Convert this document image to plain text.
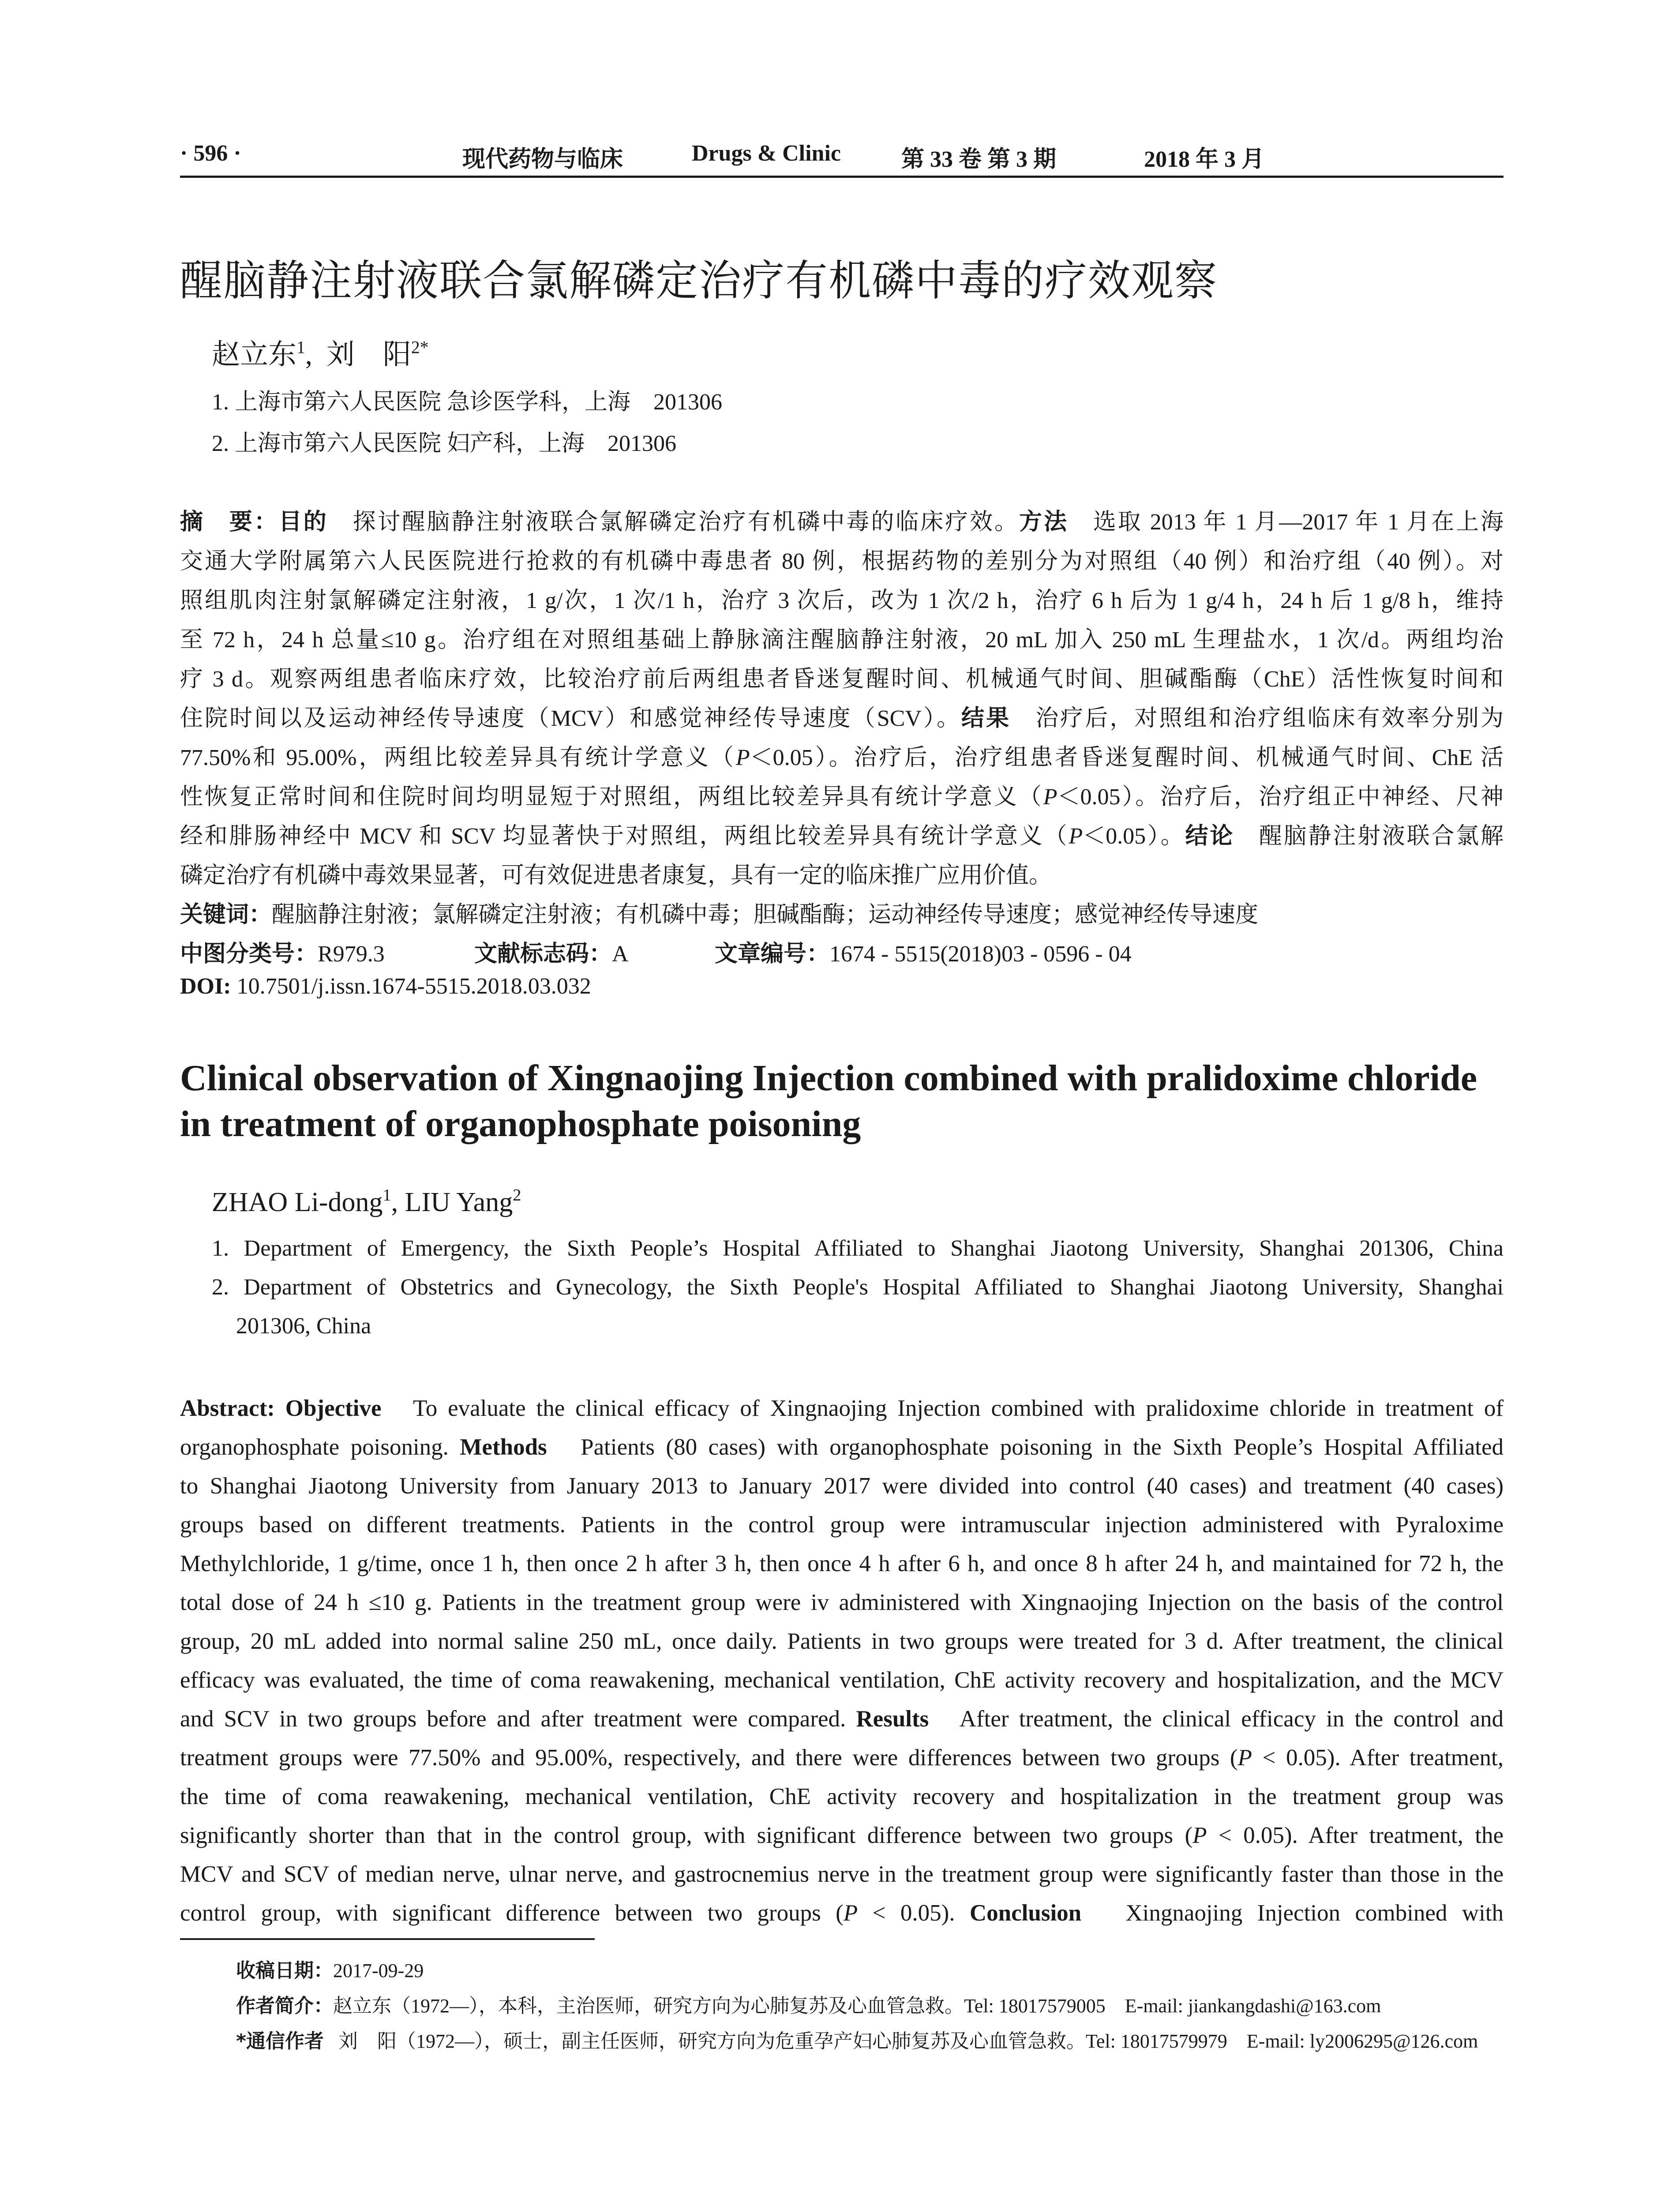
· 596 ·	现代药物与临床	Drugs & Clinic	第 33 卷 第 3 期	2018 年 3 月
醒脑静注射液联合氯解磷定治疗有机磷中毒的疗效观察
赵立东$^1$,  刘　阳$^{2*}$
1. 上海市第六人民医院 急诊医学科，上海　201306
2. 上海市第六人民医院 妇产科，上海　201306
摘　要：目的　 探讨醒脑静注射液联合氯解磷定治疗有机磷中毒的临床疗效。方法　 选取 2013 年 1 月—2017 年 1 月在上海
交通大学附属第六人民医院进行抢救的有机磷中毒患者 80 例，根据药物的差别分为对照组（40 例）和治疗组（40 例）。对
照组肌肉注射氯解磷定注射液，1 g/次，1 次/1 h，治疗 3 次后，改为 1 次/2 h，治疗 6 h 后为 1 g/4 h，24 h 后 1 g/8 h，维持
至 72 h，24 h 总量≤10 g。治疗组在对照组基础上静脉滴注醒脑静注射液，20 mL 加入 250 mL 生理盐水，1 次/d。两组均治
疗 3 d。观察两组患者临床疗效，比较治疗前后两组患者昏迷复醒时间、机械通气时间、胆碱酯酶（ChE）活性恢复时间和
住院时间以及运动神经传导速度（MCV）和感觉神经传导速度（SCV）。结果　 治疗后，对照组和治疗组临床有效率分别为
77.50%和 95.00%，两组比较差异具有统计学意义（P＜0.05）。治疗后，治疗组患者昏迷复醒时间、机械通气时间、ChE 活
性恢复正常时间和住院时间均明显短于对照组，两组比较差异具有统计学意义（P＜0.05）。治疗后，治疗组正中神经、尺神
经和腓肠神经中 MCV 和 SCV 均显著快于对照组，两组比较差异具有统计学意义（P＜0.05）。结论　 醒脑静注射液联合氯解
磷定治疗有机磷中毒效果显著，可有效促进患者康复，具有一定的临床推广应用价值。
关键词：醒脑静注射液；氯解磷定注射液；有机磷中毒；胆碱酯酶；运动神经传导速度；感觉神经传导速度
中图分类号：R979.3	文献标志码：A	文章编号：1674 - 5515(2018)03 - 0596 - 04
DOI: 10.7501/j.issn.1674-5515.2018.03.032
Clinical observation of Xingnaojing Injection combined with pralidoxime chloride
in treatment of organophosphate poisoning
ZHAO Li-dong$^1$, LIU Yang$^2$
1. Department of Emergency, the Sixth People’s Hospital Affiliated to Shanghai Jiaotong University, Shanghai 201306, China
2. Department of Obstetrics and Gynecology, the Sixth People's Hospital Affiliated to Shanghai Jiaotong University, Shanghai
201306, China
Abstract: Objective To evaluate the clinical efficacy of Xingnaojing Injection combined with pralidoxime chloride in treatment of
organophosphate poisoning. Methods Patients (80 cases) with organophosphate poisoning in the Sixth People’s Hospital Affiliated
to Shanghai Jiaotong University from January 2013 to January 2017 were divided into control (40 cases) and treatment (40 cases)
groups based on different treatments. Patients in the control group were intramuscular injection administered with Pyraloxime
Methylchloride, 1 g/time, once 1 h, then once 2 h after 3 h, then once 4 h after 6 h, and once 8 h after 24 h, and maintained for 72 h, the
total dose of 24 h ≤10 g. Patients in the treatment group were iv administered with Xingnaojing Injection on the basis of the control
group, 20 mL added into normal saline 250 mL, once daily. Patients in two groups were treated for 3 d. After treatment, the clinical
efficacy was evaluated, the time of coma reawakening, mechanical ventilation, ChE activity recovery and hospitalization, and the MCV
and SCV in two groups before and after treatment were compared. Results After treatment, the clinical efficacy in the control and
treatment groups were 77.50% and 95.00%, respectively, and there were differences between two groups (P < 0.05). After treatment,
the time of coma reawakening, mechanical ventilation, ChE activity recovery and hospitalization in the treatment group was
significantly shorter than that in the control group, with significant difference between two groups (P < 0.05). After treatment, the
MCV and SCV of median nerve, ulnar nerve, and gastrocnemius nerve in the treatment group were significantly faster than those in the
control group, with significant difference between two groups (P < 0.05). Conclusion Xingnaojing Injection combined with
收稿日期：2017-09-29
作者简介：赵立东（1972—），本科，主治医师，研究方向为心肺复苏及心血管急救。Tel: 18017579005　E-mail: jiankangdashi@163.com
*通信作者 刘　阳（1972—），硕士，副主任医师，研究方向为危重孕产妇心肺复苏及心血管急救。Tel: 18017579979　E-mail: ly2006295@126.com
